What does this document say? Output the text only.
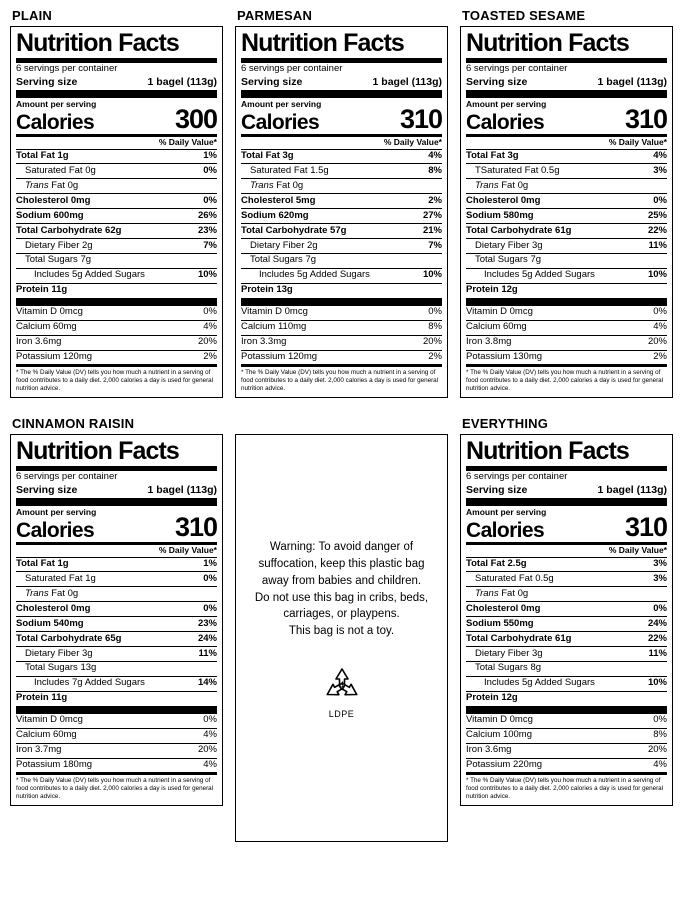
PLAIN
Nutrition Facts
6 servings per container
Serving size	1 bagel (113g)
Amount per serving
Calories	300
% Daily Value*
Total Fat 1g	1%
Saturated Fat 0g	0%
Trans Fat 0g
Cholesterol 0mg	0%
Sodium 600mg	26%
Total Carbohydrate 62g	23%
Dietary Fiber 2g	7%
Total Sugars 7g
Includes 5g Added Sugars	10%
Protein 11g
Vitamin D 0mcg	0%
Calcium 60mg	4%
Iron 3.6mg	20%
Potassium 120mg	2%

* The % Daily Value (DV) tells you how much a nutrient in a serving of food contributes to a daily diet. 2,000 calories a day is used for general nutrition advice.

PARMESAN
Nutrition Facts
6 servings per container
Serving size	1 bagel (113g)
Amount per serving
Calories	310
% Daily Value*
Total Fat 3g	4%
Saturated Fat 1.5g	8%
Trans Fat 0g
Cholesterol 5mg	2%
Sodium 620mg	27%
Total Carbohydrate 57g	21%
Dietary Fiber 2g	7%
Total Sugars 7g
Includes 5g Added Sugars	10%
Protein 13g
Vitamin D 0mcg	0%
Calcium 110mg	8%
Iron 3.3mg	20%
Potassium 120mg	2%

* The % Daily Value (DV) tells you how much a nutrient in a serving of food contributes to a daily diet. 2,000 calories a day is used for general nutrition advice.

TOASTED SESAME
Nutrition Facts
6 servings per container
Serving size	1 bagel (113g)
Amount per serving
Calories	310
% Daily Value*
Total Fat 3g	4%
TSaturated Fat 0.5g	3%
Trans Fat 0g
Cholesterol 0mg	0%
Sodium 580mg	25%
Total Carbohydrate 61g	22%
Dietary Fiber 3g	11%
Total Sugars 7g
Includes 5g Added Sugars	10%
Protein 12g
Vitamin D 0mcg	0%
Calcium 60mg	4%
Iron 3.8mg	20%
Potassium 130mg	2%

* The % Daily Value (DV) tells you how much a nutrient in a serving of food contributes to a daily diet. 2,000 calories a day is used for general nutrition advice.

CINNAMON RAISIN
Nutrition Facts
6 servings per container
Serving size	1 bagel (113g)
Amount per serving
Calories	310
% Daily Value*
Total Fat 1g	1%
Saturated Fat 1g	0%
Trans Fat 0g
Cholesterol 0mg	0%
Sodium 540mg	23%
Total Carbohydrate 65g	24%
Dietary Fiber 3g	11%
Total Sugars 13g
Includes 7g Added Sugars	14%
Protein 11g
Vitamin D 0mcg	0%
Calcium 60mg	4%
Iron 3.7mg	20%
Potassium 180mg	4%

* The % Daily Value (DV) tells you how much a nutrient in a serving of food contributes to a daily diet. 2,000 calories a day is used for general nutrition advice.

Warning: To avoid danger of suffocation, keep this plastic bag away from babies and children.
Do not use this bag in cribs, beds, carriages, or playpens.
This bag is not a toy.
4
LDPE
EVERYTHING
Nutrition Facts
6 servings per container
Serving size	1 bagel (113g)
Amount per serving
Calories	310
% Daily Value*
Total Fat 2.5g	3%
Saturated Fat 0.5g	3%
Trans Fat 0g
Cholesterol 0mg	0%
Sodium 550mg	24%
Total Carbohydrate 61g	22%
Dietary Fiber 3g	11%
Total Sugars 8g
Includes 5g Added Sugars	10%
Protein 12g
Vitamin D 0mcg	0%
Calcium 100mg	8%
Iron 3.6mg	20%
Potassium 220mg	4%

* The % Daily Value (DV) tells you how much a nutrient in a serving of food contributes to a daily diet. 2,000 calories a day is used for general nutrition advice.
